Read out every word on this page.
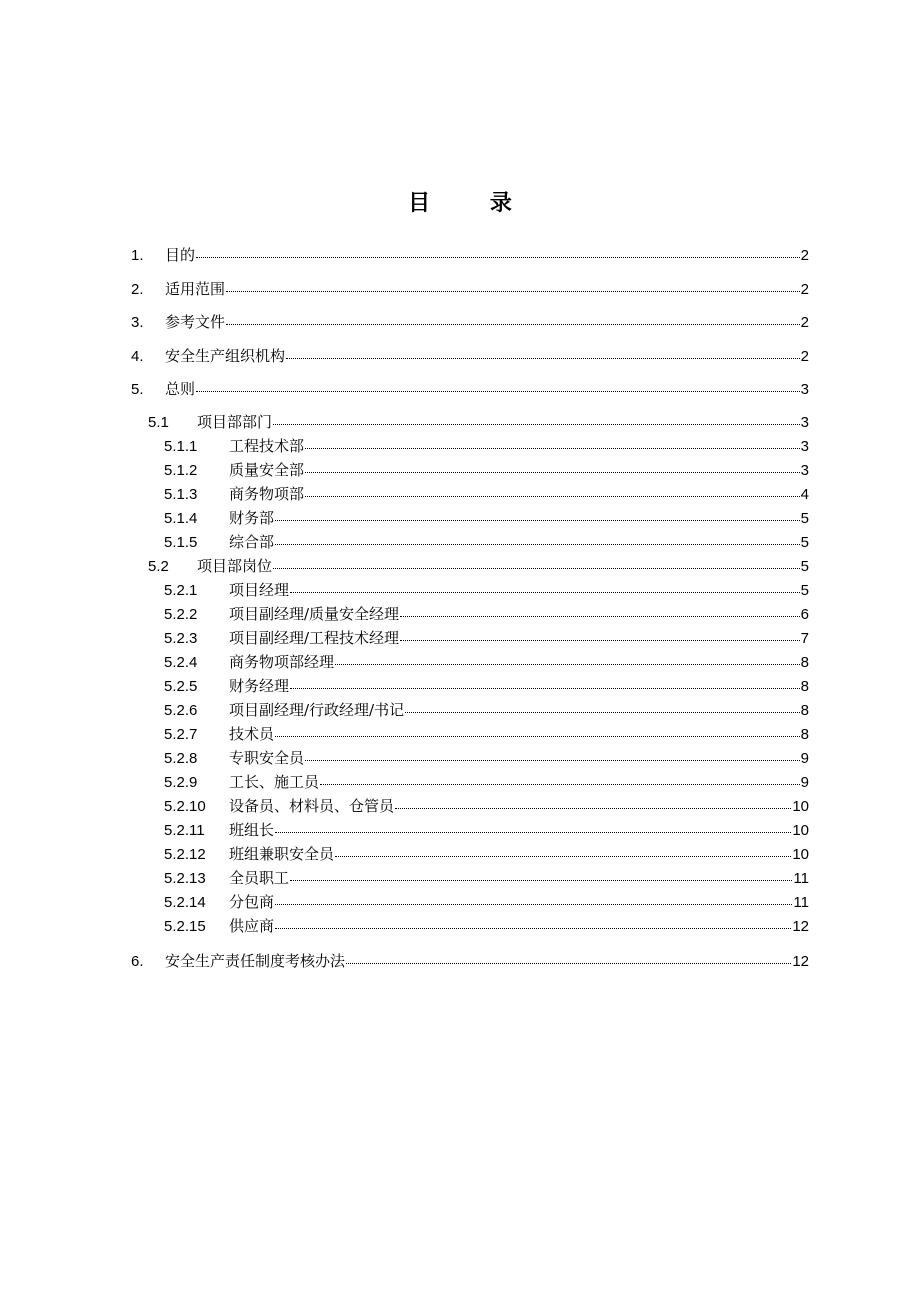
目 录
1.	目的	2
2.	适用范围	2
3.	参考文件	2
4.	安全生产组织机构	2
5.	总则	3
5.1	项目部部门	3
5.1.1	工程技术部	3
5.1.2	质量安全部	3
5.1.3	商务物项部	4
5.1.4	财务部	5
5.1.5	综合部	5
5.2	项目部岗位	5
5.2.1	项目经理	5
5.2.2	项目副经理/质量安全经理	6
5.2.3	项目副经理/工程技术经理	7
5.2.4	商务物项部经理	8
5.2.5	财务经理	8
5.2.6	项目副经理/行政经理/书记	8
5.2.7	技术员	8
5.2.8	专职安全员	9
5.2.9	工长、施工员	9
5.2.10	设备员、材料员、仓管员	10
5.2.11	班组长	10
5.2.12	班组兼职安全员	10
5.2.13	全员职工	11
5.2.14	分包商	11
5.2.15	供应商	12
6.	安全生产责任制度考核办法	12
